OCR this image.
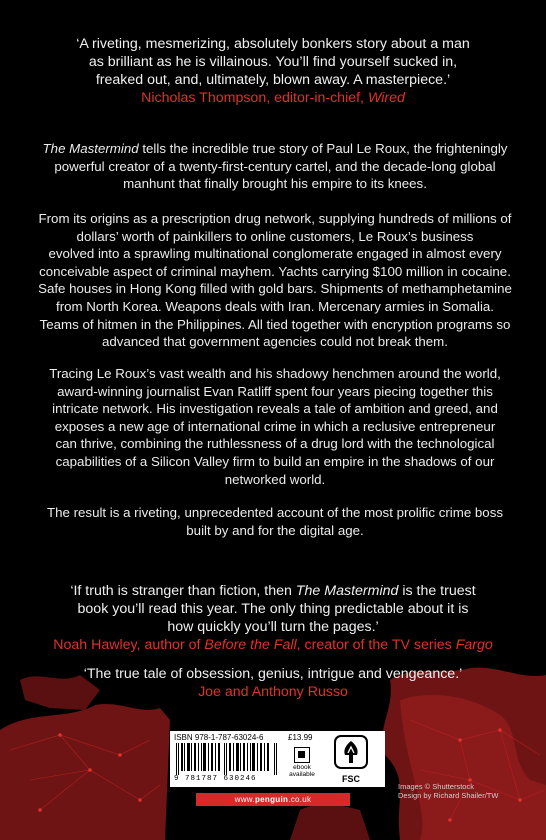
‘A riveting, mesmerizing, absolutely bonkers story about a man
as brilliant as he is villainous. You’ll find yourself sucked in,
freaked out, and, ultimately, blown away. A masterpiece.’
Nicholas Thompson, editor-in-chief, Wired

The Mastermind tells the incredible true story of Paul Le Roux, the frighteningly

powerful creator of a twenty-first-century cartel, and the decade-long global

manhunt that finally brought his empire to its knees.

From its origins as a prescription drug network, supplying hundreds of millions of

dollars’ worth of painkillers to online customers, Le Roux’s business

evolved into a sprawling multinational conglomerate engaged in almost every

conceivable aspect of criminal mayhem. Yachts carrying $100 million in cocaine.

Safe houses in Hong Kong filled with gold bars. Shipments of methamphetamine

from North Korea. Weapons deals with Iran. Mercenary armies in Somalia.

Teams of hitmen in the Philippines. All tied together with encryption programs so

advanced that government agencies could not break them.

Tracing Le Roux’s vast wealth and his shadowy henchmen around the world,

award-winning journalist Evan Ratliff spent four years piecing together this

intricate network. His investigation reveals a tale of ambition and greed, and

exposes a new age of international crime in which a reclusive entrepreneur

can thrive, combining the ruthlessness of a drug lord with the technological

capabilities of a Silicon Valley firm to build an empire in the shadows of our

networked world.

The result is a riveting, unprecedented account of the most prolific crime boss

built by and for the digital age.

‘If truth is stranger than fiction, then The Mastermind is the truest
book you’ll read this year. The only thing predictable about it is
how quickly you’ll turn the pages.’
Noah Hawley, author of Before the Fall, creator of the TV series Fargo
‘The true tale of obsession, genius, intrigue and vengeance.’
Joe and Anthony Russo
ISBN 978-1-787-63024-6
9 781787 630246
£13.99
ebook
available	FSC
www.penguin.co.uk
Images © Shutterstock
Design by Richard Shailer/TW
